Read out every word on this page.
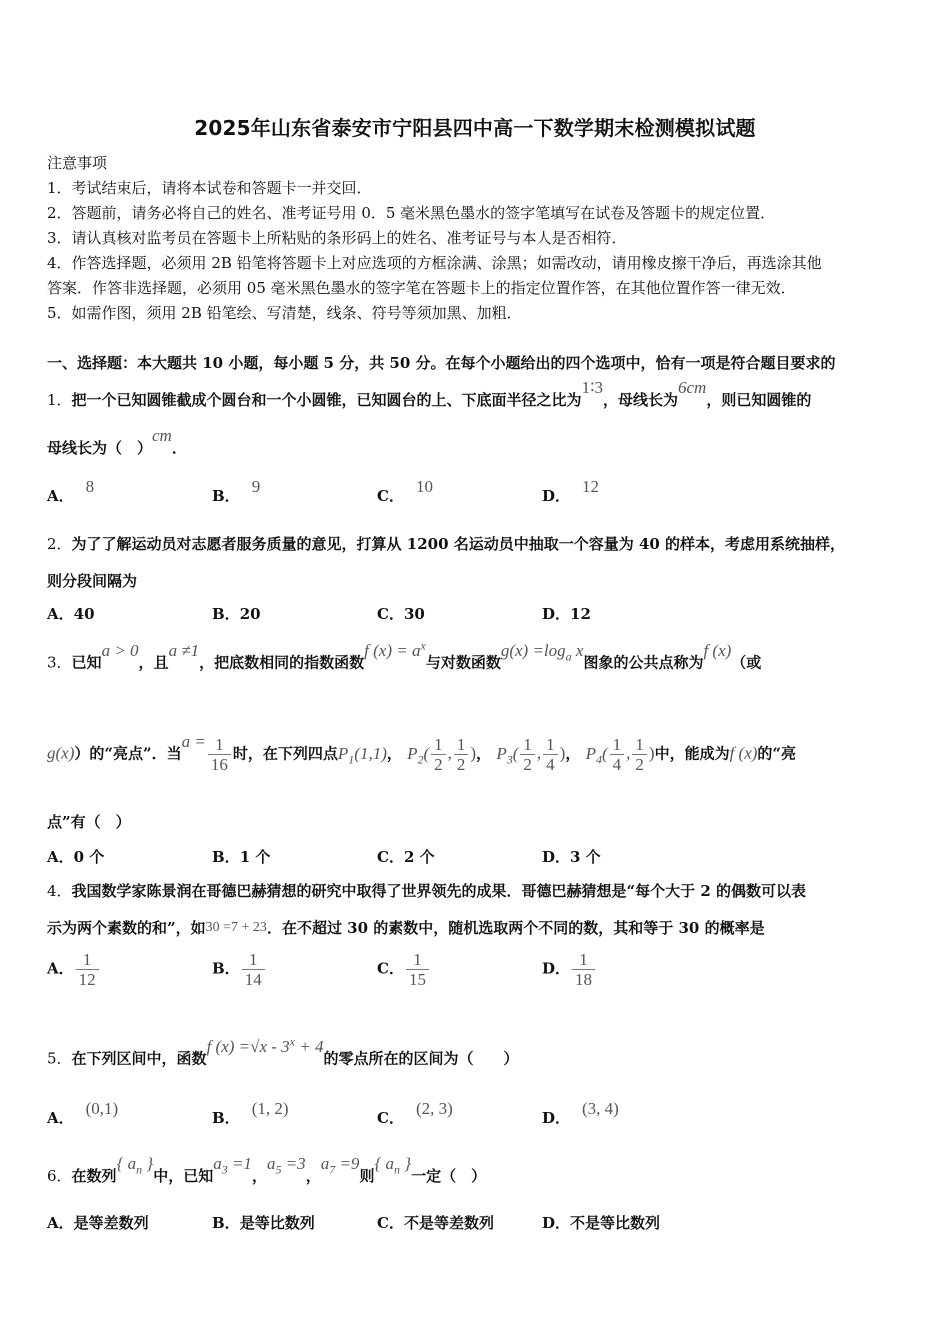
2025年山东省泰安市宁阳县四中高一下数学期末检测模拟试题
注意事项
1．考试结束后，请将本试卷和答题卡一并交回．
2．答题前，请务必将自己的姓名、准考证号用 0．5 毫米黑色墨水的签字笔填写在试卷及答题卡的规定位置．
3．请认真核对监考员在答题卡上所粘贴的条形码上的姓名、准考证号与本人是否相符．
4．作答选择题，必须用 2B 铅笔将答题卡上对应选项的方框涂满、涂黑；如需改动，请用橡皮擦干净后，再选涂其他
答案．作答非选择题，必须用 05 毫米黑色墨水的签字笔在答题卡上的指定位置作答，在其他位置作答一律无效．
5．如需作图，须用 2B 铅笔绘、写清楚，线条、符号等须加黑、加粗．
一、选择题：本大题共 10 小题，每小题 5 分，共 50 分。在每个小题给出的四个选项中，恰有一项是符合题目要求的
1．把一个已知圆锥截成个圆台和一个小圆锥，已知圆台的上、下底面半径之比为1∶3，母线长为6cm，则已知圆锥的
母线长为（　）cm．
A． 8	B． 9	C． 10	D． 12
2．为了了解运动员对志愿者服务质量的意见，打算从 1200 名运动员中抽取一个容量为 40 的样本，考虑用系统抽样，
则分段间隔为
A．40	B．20	C．30	D．12
3．已知a > 0，且a ≠1，把底数相同的指数函数f $(x) = a^x$与对数函数$g(x) =\log_a$ x图象的公共点称为f (x)（或
g(x)）的“亮点”．当$a = \frac{1}{16}$ 时，在下列四点$P_1(1,1)$， $P_2( \frac{1}{2}$ , $\frac{1}{2}$ )， $P_3( \frac{1}{2}$ , $\frac{1}{4}$ )， $P_4( \frac{1}{4}$ , $\frac{1}{2}$ )中，能成为f (x)的“亮
点”有（　）
A．0 个	B．1 个	C．2 个	D．3 个
4．我国数学家陈景润在哥德巴赫猜想的研究中取得了世界领先的成果．哥德巴赫猜想是“每个大于 2 的偶数可以表
示为两个素数的和”，如30 =7 + 23．在不超过 30 的素数中，随机选取两个不同的数，其和等于 30 的概率是
A． $\frac{1}{12}$	B． $\frac{1}{14}$	C． $\frac{1}{15}$	D． $\frac{1}{18}$
5．在下列区间中，函数f $(x) =√x - 3^x + 4$的零点所在的区间为（　　）
A． (0,1)	B． (1, 2)	C． (2, 3)	D． (3, 4)
6．在数列{ $a_n$ }中，已知$a_3 =1$，$a_5 =3$，$a_7 =9$则{ $a_n$ }一定（　）
A．是等差数列	B．是等比数列	C．不是等差数列	D．不是等比数列
